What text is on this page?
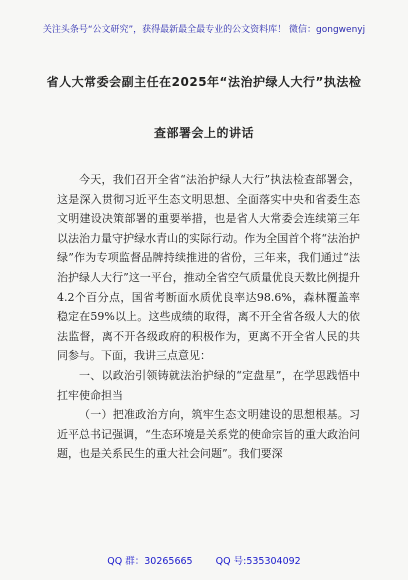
关注头条号“公文研究”，获得最新最全最专业的公文资料库！ 微信：gongwenyj
省人大常委会副主任在2025年“法治护绿人大行”执法检
查部署会上的讲话

今天，我们召开全省“法治护绿人大行”执法检查部署会，这是深入贯彻习近平生态文明思想、全面落实中央和省委生态文明建设决策部署的重要举措，也是省人大常委会连续第三年以法治力量守护绿水青山的实际行动。作为全国首个将“法治护绿”作为专项监督品牌持续推进的省份，三年来，我们通过“法治护绿人大行”这一平台，推动全省空气质量优良天数比例提升4.2个百分点，国省考断面水质优良率达98.6%，森林覆盖率稳定在59%以上。这些成绩的取得，离不开全省各级人大的依法监督，离不开各级政府的积极作为，更离不开全省人民的共同参与。下面，我讲三点意见：

一、以政治引领铸就法治护绿的“定盘星”，在学思践悟中扛牢使命担当

（一）把准政治方向，筑牢生态文明建设的思想根基。习近平总书记强调，“生态环境是关系党的使命宗旨的重大政治问题，也是关系民生的重大社会问题”。我们要深

QQ 群：30265665 QQ 号:535304092
